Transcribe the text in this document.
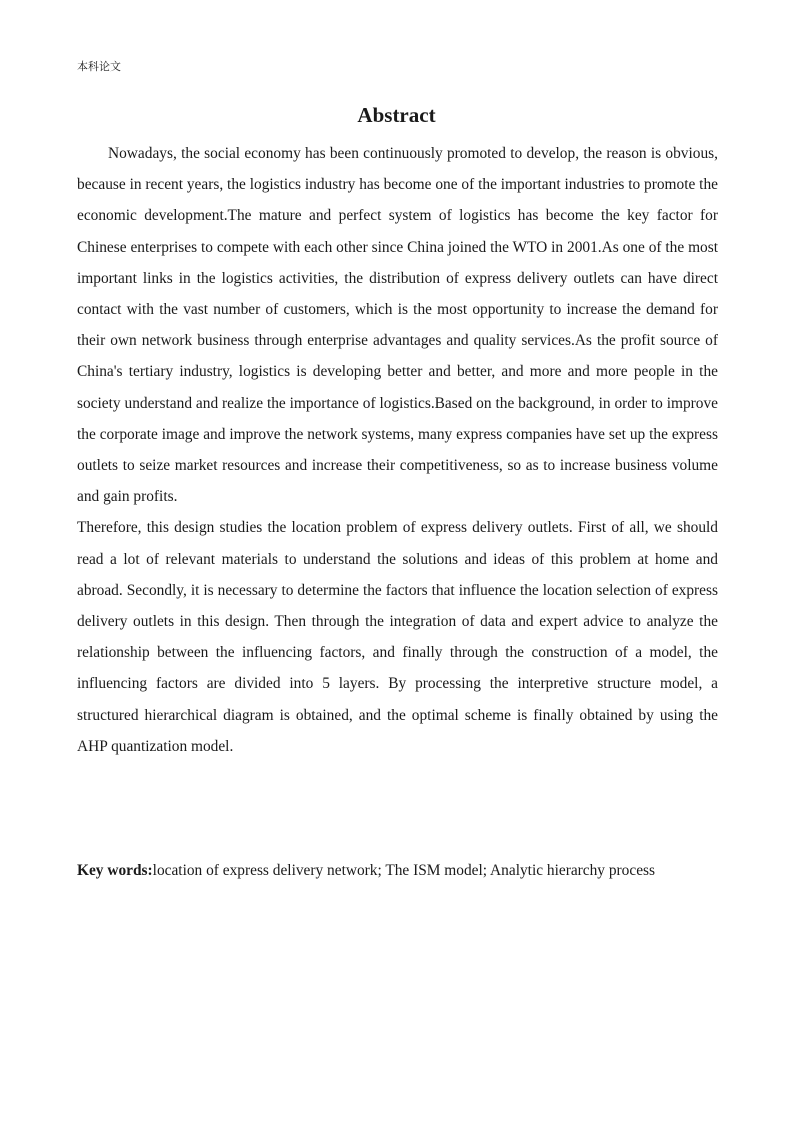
本科论文

Abstract

Nowadays, the social economy has been continuously promoted to develop, the reason is obvious, because in recent years, the logistics industry has become one of the important industries to promote the economic development.The mature and perfect system of logistics has become the key factor for Chinese enterprises to compete with each other since China joined the WTO in 2001.As one of the most important links in the logistics activities, the distribution of express delivery outlets can have direct contact with the vast number of customers, which is the most opportunity to increase the demand for their own network business through enterprise advantages and quality services.As the profit source of China's tertiary industry, logistics is developing better and better, and more and more people in the society understand and realize the importance of logistics.Based on the background, in order to improve the corporate image and improve the network systems, many express companies have set up the express outlets to seize market resources and increase their competitiveness, so as to increase business volume and gain profits.

Therefore, this design studies the location problem of express delivery outlets. First of all, we should read a lot of relevant materials to understand the solutions and ideas of this problem at home and abroad. Secondly, it is necessary to determine the factors that influence the location selection of express delivery outlets in this design. Then through the integration of data and expert advice to analyze the relationship between the influencing factors, and finally through the construction of a model, the influencing factors are divided into 5 layers. By processing the interpretive structure model, a structured hierarchical diagram is obtained, and the optimal scheme is finally obtained by using the AHP quantization model.

Key words:location of express delivery network; The ISM model; Analytic hierarchy process
